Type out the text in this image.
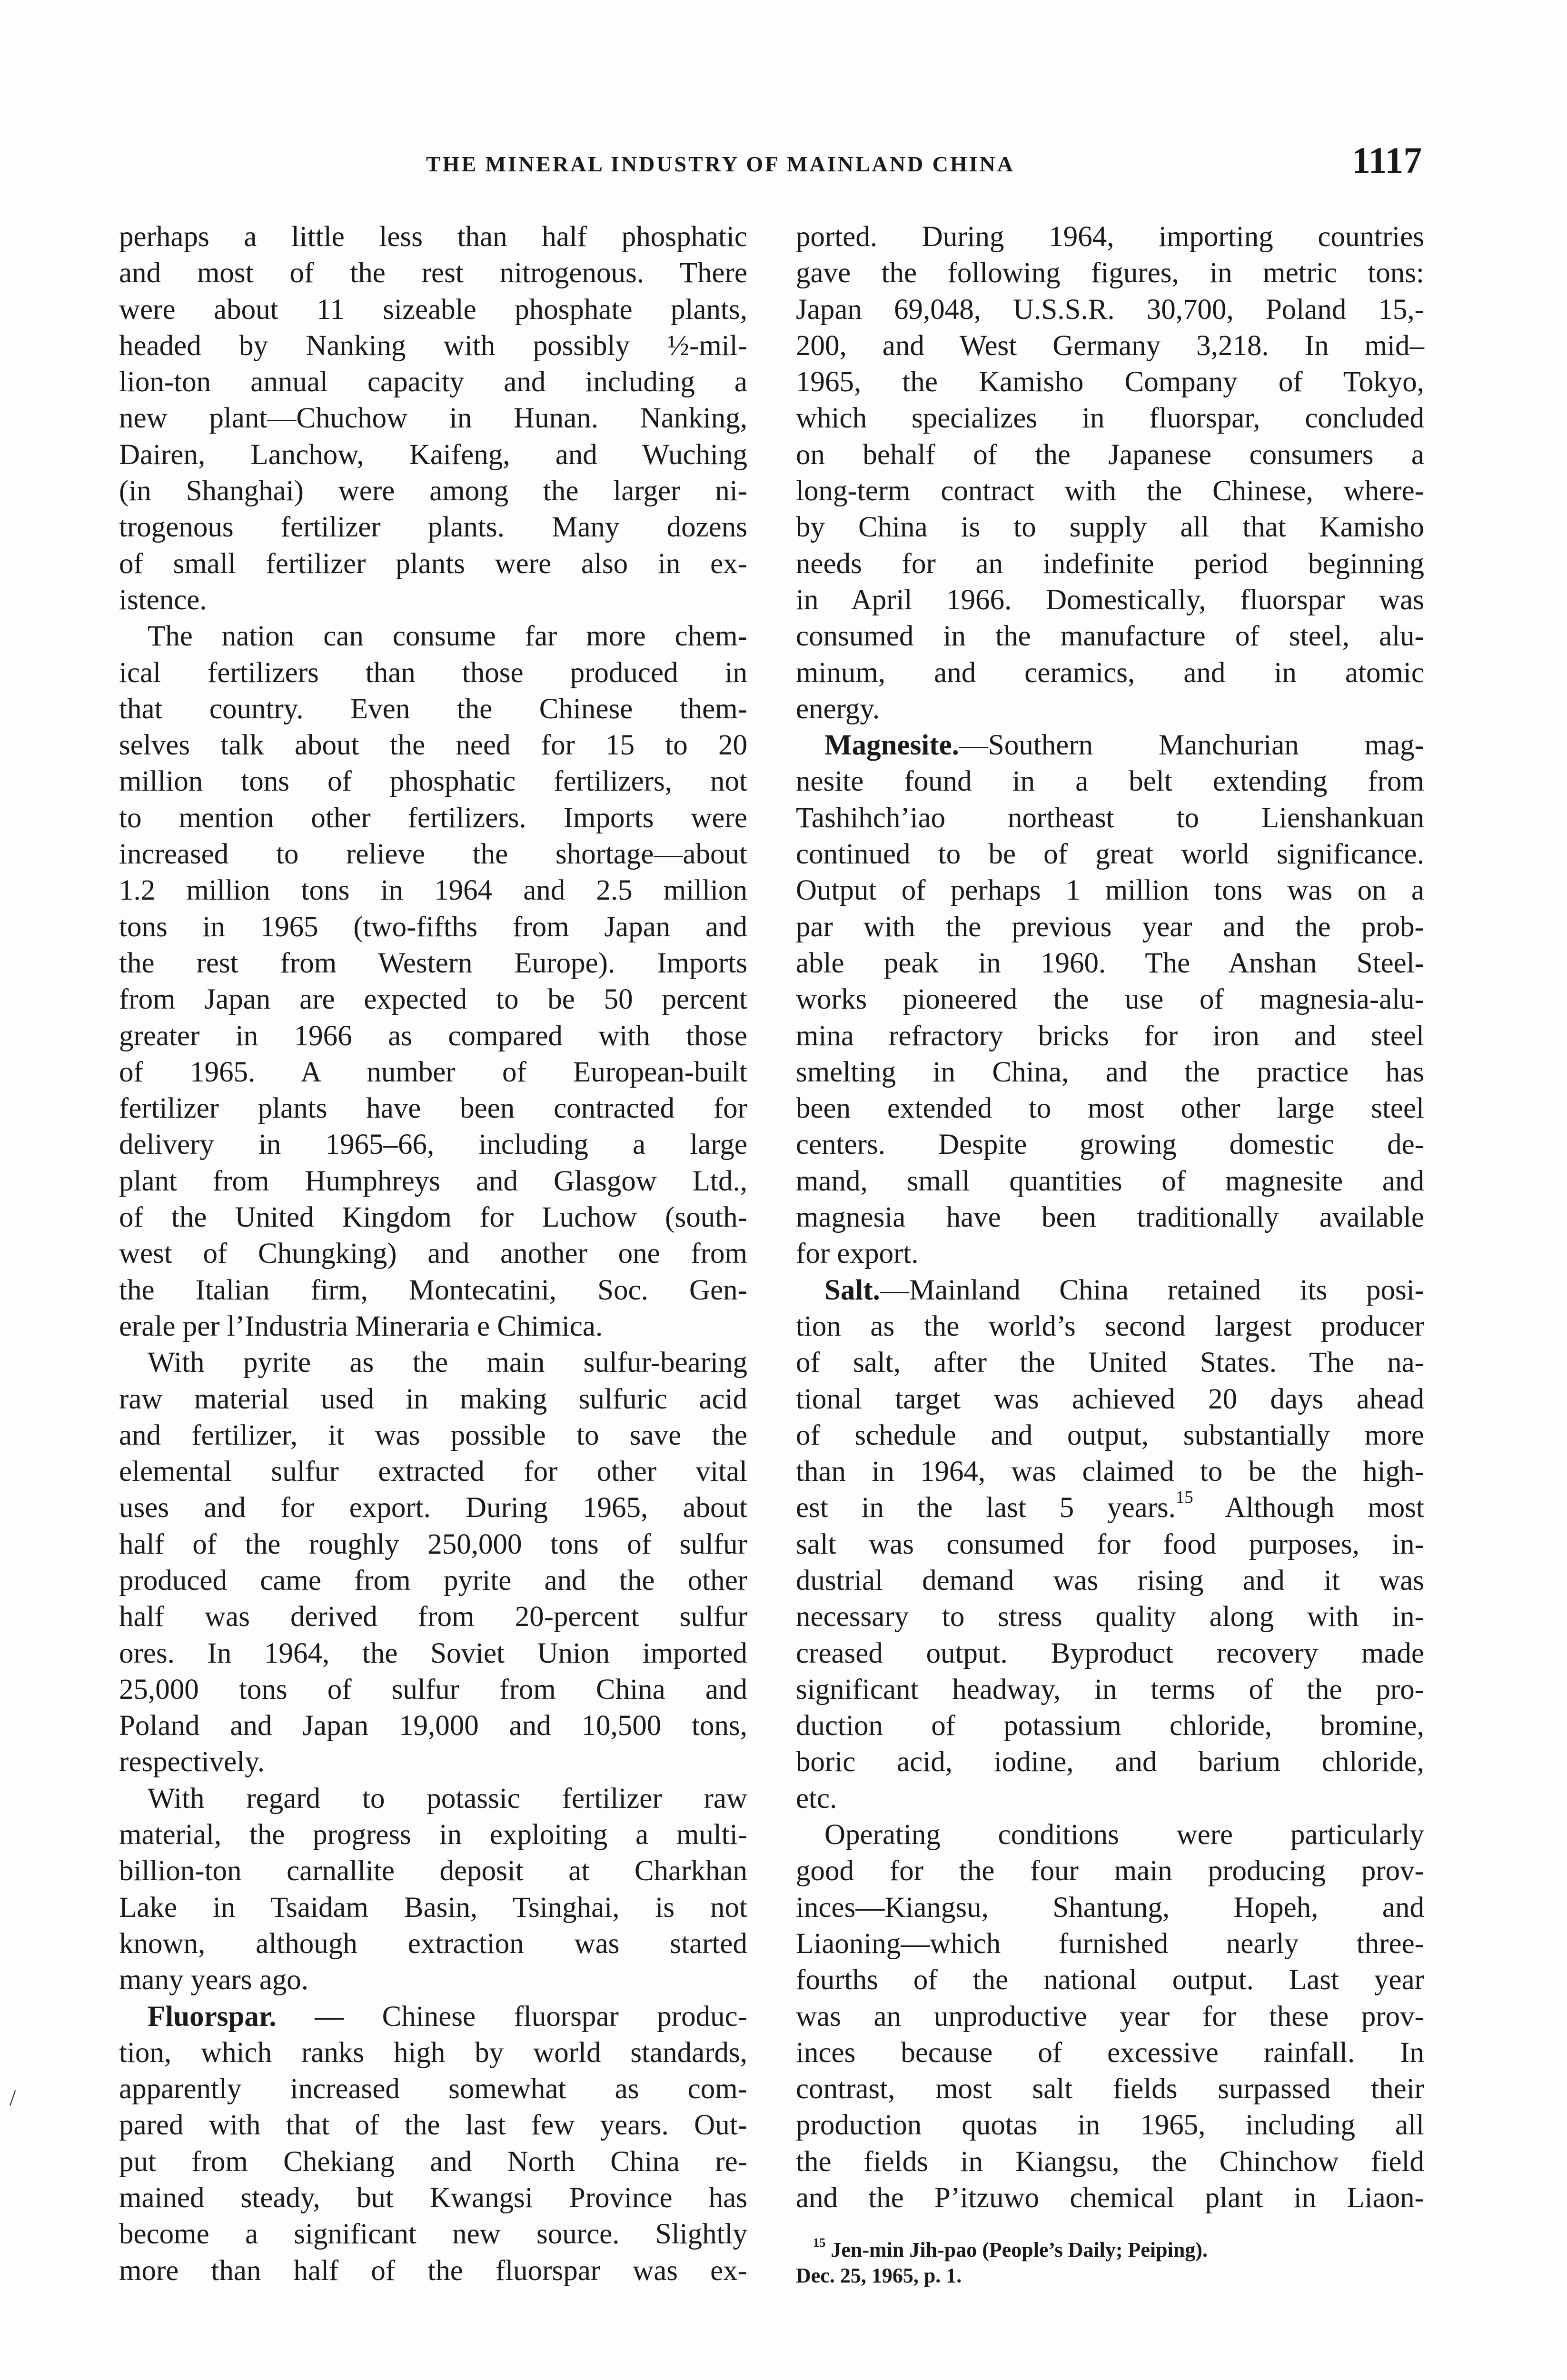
THE MINERAL INDUSTRY OF MAINLAND CHINA	1117
perhaps a little less than half phosphatic
and most of the rest nitrogenous. There
were about 11 sizeable phosphate plants,
headed by Nanking with possibly ½-mil-
lion-ton annual capacity and including a
new plant—Chuchow in Hunan. Nanking,
Dairen, Lanchow, Kaifeng, and Wuching
(in Shanghai) were among the larger ni-
trogenous fertilizer plants. Many dozens
of small fertilizer plants were also in ex-
istence.
The nation can consume far more chem-
ical fertilizers than those produced in
that country. Even the Chinese them-
selves talk about the need for 15 to 20
million tons of phosphatic fertilizers, not
to mention other fertilizers. Imports were
increased to relieve the shortage—about
1.2 million tons in 1964 and 2.5 million
tons in 1965 (two-fifths from Japan and
the rest from Western Europe). Imports
from Japan are expected to be 50 percent
greater in 1966 as compared with those
of 1965. A number of European-built
fertilizer plants have been contracted for
delivery in 1965–66, including a large
plant from Humphreys and Glasgow Ltd.,
of the United Kingdom for Luchow (south-
west of Chungking) and another one from
the Italian firm, Montecatini, Soc. Gen-
erale per l’Industria Mineraria e Chimica.
With pyrite as the main sulfur-bearing
raw material used in making sulfuric acid
and fertilizer, it was possible to save the
elemental sulfur extracted for other vital
uses and for export. During 1965, about
half of the roughly 250,000 tons of sulfur
produced came from pyrite and the other
half was derived from 20-percent sulfur
ores. In 1964, the Soviet Union imported
25,000 tons of sulfur from China and
Poland and Japan 19,000 and 10,500 tons,
respectively.
With regard to potassic fertilizer raw
material, the progress in exploiting a multi-
billion-ton carnallite deposit at Charkhan
Lake in Tsaidam Basin, Tsinghai, is not
known, although extraction was started
many years ago.
Fluorspar. — Chinese fluorspar produc-
tion, which ranks high by world standards,
apparently increased somewhat as com-
pared with that of the last few years. Out-
put from Chekiang and North China re-
mained steady, but Kwangsi Province has
become a significant new source. Slightly
more than half of the fluorspar was ex-
ported. During 1964, importing countries
gave the following figures, in metric tons:
Japan 69,048, U.S.S.R. 30,700, Poland 15,-
200, and West Germany 3,218. In mid–
1965, the Kamisho Company of Tokyo,
which specializes in fluorspar, concluded
on behalf of the Japanese consumers a
long-term contract with the Chinese, where-
by China is to supply all that Kamisho
needs for an indefinite period beginning
in April 1966. Domestically, fluorspar was
consumed in the manufacture of steel, alu-
minum, and ceramics, and in atomic
energy.
Magnesite.—Southern Manchurian mag-
nesite found in a belt extending from
Tashihch’iao northeast to Lienshankuan
continued to be of great world significance.
Output of perhaps 1 million tons was on a
par with the previous year and the prob-
able peak in 1960. The Anshan Steel-
works pioneered the use of magnesia-alu-
mina refractory bricks for iron and steel
smelting in China, and the practice has
been extended to most other large steel
centers. Despite growing domestic de-
mand, small quantities of magnesite and
magnesia have been traditionally available
for export.
Salt.—Mainland China retained its posi-
tion as the world’s second largest producer
of salt, after the United States. The na-
tional target was achieved 20 days ahead
of schedule and output, substantially more
than in 1964, was claimed to be the high-
est in the last 5 years.$^{15}$ Although most
salt was consumed for food purposes, in-
dustrial demand was rising and it was
necessary to stress quality along with in-
creased output. Byproduct recovery made
significant headway, in terms of the pro-
duction of potassium chloride, bromine,
boric acid, iodine, and barium chloride,
etc.
Operating conditions were particularly
good for the four main producing prov-
inces—Kiangsu, Shantung, Hopeh, and
Liaoning—which furnished nearly three-
fourths of the national output. Last year
was an unproductive year for these prov-
inces because of excessive rainfall. In
contrast, most salt fields surpassed their
production quotas in 1965, including all
the fields in Kiangsu, the Chinchow field
and the P’itzuwo chemical plant in Liaon-
$^{15}$ Jen-min Jih-pao (People’s Daily; Peiping).
Dec. 25, 1965, p. 1.
/
